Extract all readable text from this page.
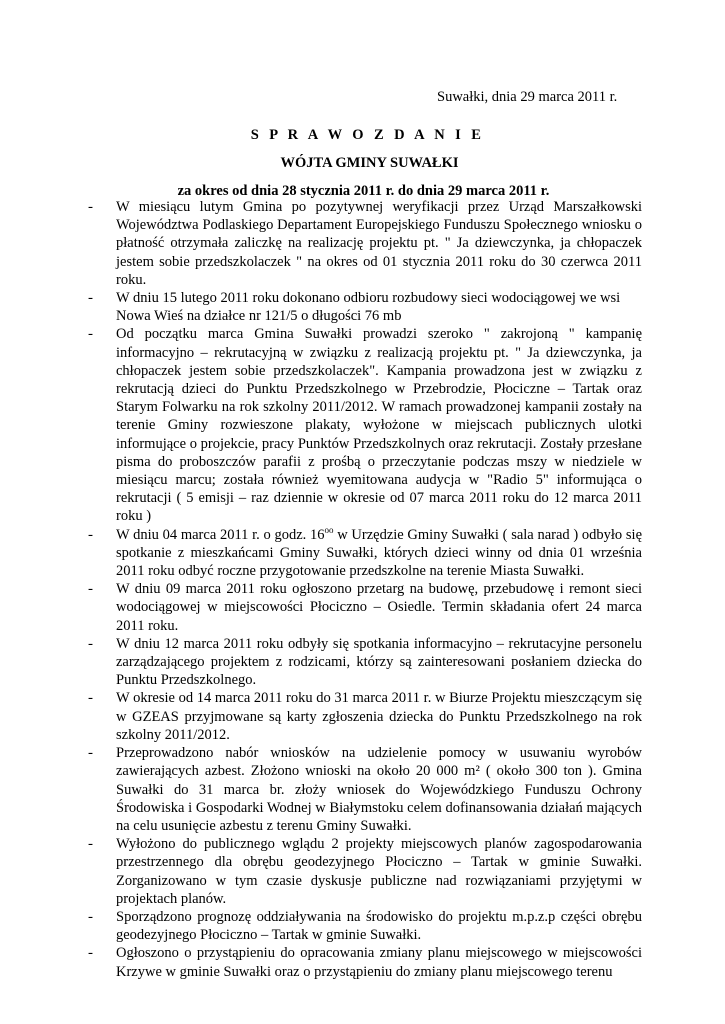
Suwałki, dnia 29 marca 2011 r.
S P R A W O Z D A N I E
WÓJTA GMINY SUWAŁKI
za okres od dnia 28 stycznia 2011 r. do dnia 29 marca 2011 r.
- W miesiącu lutym Gmina po pozytywnej weryfikacji przez Urząd Marszałkowski Województwa Podlaskiego Departament Europejskiego Funduszu Społecznego wniosku o płatność otrzymała zaliczkę na realizację projektu pt. " Ja dziewczynka, ja chłopaczek jestem sobie przedszkolaczek " na okres od 01 stycznia 2011 roku do 30 czerwca 2011 roku.
- W dniu 15 lutego 2011 roku dokonano odbioru rozbudowy sieci wodociągowej we wsi Nowa Wieś na działce nr 121/5 o długości 76 mb
- Od początku marca Gmina Suwałki prowadzi szeroko " zakrojoną " kampanię informacyjno – rekrutacyjną w związku z realizacją projektu pt. " Ja dziewczynka, ja chłopaczek jestem sobie przedszkolaczek". Kampania prowadzona jest w związku z rekrutacją dzieci do Punktu Przedszkolnego w Przebrodzie, Płociczne – Tartak oraz Starym Folwarku na rok szkolny 2011/2012. W ramach prowadzonej kampanii zostały na terenie Gminy rozwieszone plakaty, wyłożone w miejscach publicznych ulotki informujące o projekcie, pracy Punktów Przedszkolnych oraz rekrutacji. Zostały przesłane pisma do proboszczów parafii z prośbą o przeczytanie podczas mszy w niedziele w miesiącu marcu; została również wyemitowana audycja w "Radio 5" informująca o rekrutacji ( 5 emisji – raz dziennie w okresie od 07 marca 2011 roku do 12 marca 2011 roku )
- W dniu 04 marca 2011 r. o godz. $16^{oo}$ w Urzędzie Gminy Suwałki ( sala narad ) odbyło się spotkanie z mieszkańcami Gminy Suwałki, których dzieci winny od dnia 01 września 2011 roku odbyć roczne przygotowanie przedszkolne na terenie Miasta Suwałki.
- W dniu 09 marca 2011 roku ogłoszono przetarg na budowę, przebudowę i remont sieci wodociągowej w miejscowości Płociczno – Osiedle. Termin składania ofert 24 marca 2011 roku.
- W dniu 12 marca 2011 roku odbyły się spotkania informacyjno – rekrutacyjne personelu zarządzającego projektem z rodzicami, którzy są zainteresowani posłaniem dziecka do Punktu Przedszkolnego.
- W okresie od 14 marca 2011 roku do 31 marca 2011 r. w Biurze Projektu mieszczącym się w GZEAS przyjmowane są karty zgłoszenia dziecka do Punktu Przedszkolnego na rok szkolny 2011/2012.
- Przeprowadzono nabór wniosków na udzielenie pomocy w usuwaniu wyrobów zawierających azbest. Złożono wnioski na około 20 000 m² ( około 300 ton ). Gmina Suwałki do 31 marca br. złoży wniosek do Wojewódzkiego Funduszu Ochrony Środowiska i Gospodarki Wodnej w Białymstoku celem dofinansowania działań mających na celu usunięcie azbestu z terenu Gminy Suwałki.
- Wyłożono do publicznego wglądu 2 projekty miejscowych planów zagospodarowania przestrzennego dla obrębu geodezyjnego Płociczno – Tartak w gminie Suwałki. Zorganizowano w tym czasie dyskusje publiczne nad rozwiązaniami przyjętymi w projektach planów.
- Sporządzono prognozę oddziaływania na środowisko do projektu m.p.z.p części obrębu geodezyjnego Płociczno – Tartak w gminie Suwałki.
- Ogłoszono o przystąpieniu do opracowania zmiany planu miejscowego w miejscowości Krzywe w gminie Suwałki oraz o przystąpieniu do zmiany planu miejscowego terenu
